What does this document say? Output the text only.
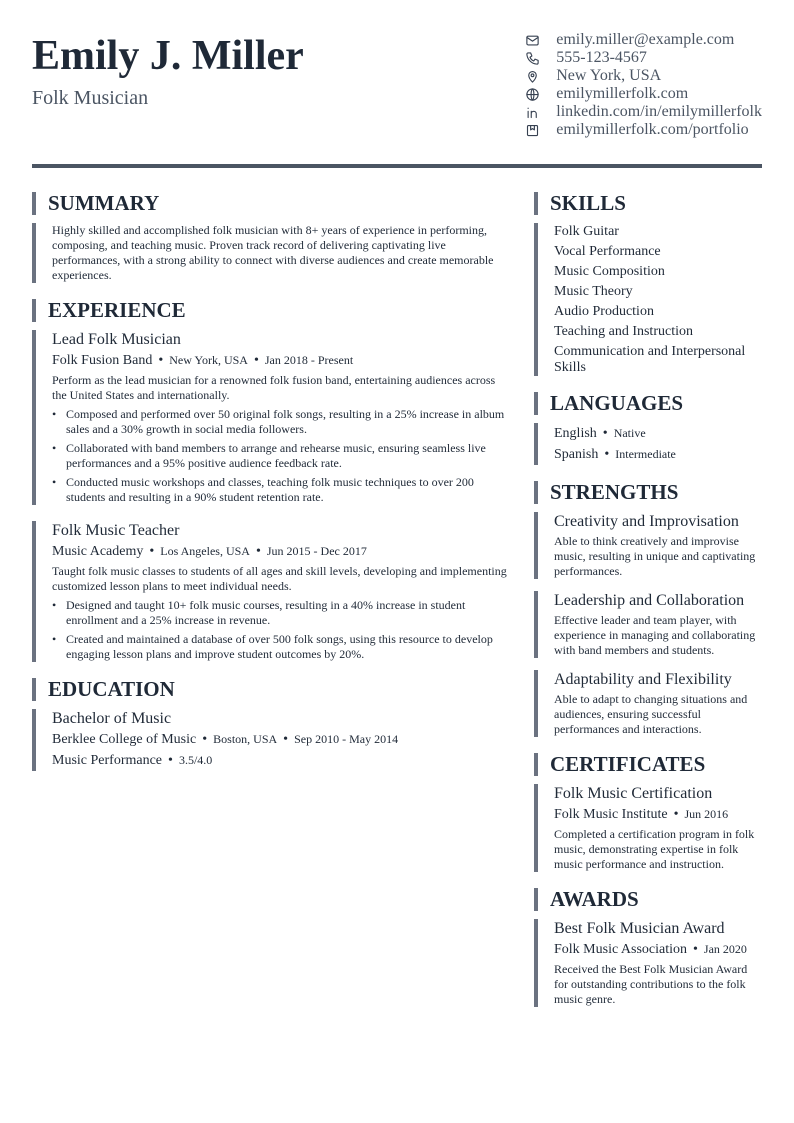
Emily J. Miller
Folk Musician
emily.miller@example.com
555-123-4567
New York, USA
emilymillerfolk.com
linkedin.com/in/emilymillerfolk
emilymillerfolk.com/portfolio
SUMMARY
Highly skilled and accomplished folk musician with 8+ years of experience in performing, composing, and teaching music. Proven track record of delivering captivating live performances, with a strong ability to connect with diverse audiences and create memorable experiences.
EXPERIENCE
Lead Folk Musician
Folk Fusion Band • New York, USA • Jan 2018 - Present
Perform as the lead musician for a renowned folk fusion band, entertaining audiences across the United States and internationally.
• Composed and performed over 50 original folk songs, resulting in a 25% increase in album sales and a 30% growth in social media followers.
• Collaborated with band members to arrange and rehearse music, ensuring seamless live performances and a 95% positive audience feedback rate.
• Conducted music workshops and classes, teaching folk music techniques to over 200 students and resulting in a 90% student retention rate.
Folk Music Teacher
Music Academy • Los Angeles, USA • Jun 2015 - Dec 2017
Taught folk music classes to students of all ages and skill levels, developing and implementing customized lesson plans to meet individual needs.
• Designed and taught 10+ folk music courses, resulting in a 40% increase in student enrollment and a 25% increase in revenue.
• Created and maintained a database of over 500 folk songs, using this resource to develop engaging lesson plans and improve student outcomes by 20%.
EDUCATION
Bachelor of Music
Berklee College of Music • Boston, USA • Sep 2010 - May 2014
Music Performance • 3.5/4.0
SKILLS
Folk Guitar
Vocal Performance
Music Composition
Music Theory
Audio Production
Teaching and Instruction
Communication and Interpersonal Skills
LANGUAGES
English • Native
Spanish • Intermediate
STRENGTHS
Creativity and Improvisation
Able to think creatively and improvise music, resulting in unique and captivating performances.
Leadership and Collaboration
Effective leader and team player, with experience in managing and collaborating with band members and students.
Adaptability and Flexibility
Able to adapt to changing situations and audiences, ensuring successful performances and interactions.
CERTIFICATES
Folk Music Certification
Folk Music Institute • Jun 2016
Completed a certification program in folk music, demonstrating expertise in folk music performance and instruction.
AWARDS
Best Folk Musician Award
Folk Music Association • Jan 2020
Received the Best Folk Musician Award for outstanding contributions to the folk music genre.
